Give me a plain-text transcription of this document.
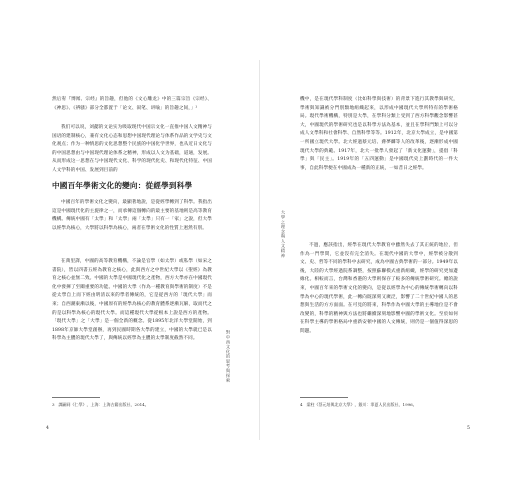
然后宥『博闻、宗经』的旨趣，但他的《文心雕龙》中的三篇宗旨《宗经》、《神思》、《辨骚》部分全都置于「论文、叙笔、讲喻」的旨趣之间，」¹
我们可以说，刘勰的文论实为吸取现代中国宗文化一直推中国人文精神与国语的建制核心，兼有文化心态和思想中国现代理论与体系作品的文学史与文化观点；作为一种情思的文化思想整个民族的中国化学世界，也从近日文化与的中国思想由与中国现代理论体系之精神，形成以人文为基础，道通，发展。从而形成这一思想在与中国现代文化、科学的现代化史、和现代化特征、中国人文学科的中国、发展到目前的
中國百年學術文化的變向：從經學到科學
中國百年的學術文化之變向，最顯著地說，是從經學轉到了科學。我指出這是中國現代化的主旋律之一，而承傳這個轉向的最主要的基地則是高等教育機構。傳統中國有「太學」和「太學」兩「太學」只有一「家」之說，但大學以經學為核心，大學將以科學為核心，兩者在學術文化的性質上迥然有別。
在萬里譯，中國的高等教育機構，不論是官學（如太學）或私學（如宋之書院），皆以四書五經為教育之核心，此與西方之中世紀大學以《聖經》為教育之核心並無二致。中國的大學是中國現代化之產物，西方大學亦在中國現代化中發揮了至關重要的功能。中國的大學（作為一種教育與學術的制度）不是從太學自上而下經由明清以來的學者傳統的，它是從西方的「現代大學」而來；自西潮東漸以後，中國原有的經學為核心的教育體系逐漸瓦解，取而代之的是以科學為核心的現代大學。而這種現代大學從根本上說是西方的產物。「現代大學」之「大學」是一個全新的概念。從1895年北洋大學堂開始，到1898年京師大學堂創辦，再到民國時期各大學的建立，中國的大學就已是以科學為主體的現代大學了，與傳統以經學為主體的太學制度截然不同。
3　譚嗣同《仁學》，上海：上海古籍出版社，2014。
對中西文化的思考與探索
4
大學之理念與人文精神
機中，是在現代學科制度（比如科學與技術）的背景下進行其教學與研究，學術與知識被分門別類地組織起來，以形成中國現代大學所特有的學術格局。現代學術機構，特別是大學，在學科分類上受到了西方科學觀念影響甚大，中國現代的學術研究也是以科學方法為基本，並且在學科門類上可以分成人文學科和社會科學、自然科學等等。1912年，北京大學成立，是中國第一所國立現代大學。北大經過蔡元培、蔣夢麟等人的改革後，逐漸形成中國現代大學的典範。1917年，北大一批學人發起了「新文化運動」，提倡「科學」與「民主」。1919年的「五四運動」是中國現代史上劃時代的一件大事，自此科學便在中國成為一種新的正統，一如昔日之經學。
不過，應該指出，經學在現代大學教育中雖然失去了其正統的地位，但作為一門學問，它並沒有完全消失。在現代中國的大學中，經學被分散到文、史、哲等不同的學科中去研究，成為中國古典學術的一部分。1949年以後，大陸的大學經過院系調整，按照蘇聯模式重新組織，經學的研究更加邊緣化。相較而言，台灣和香港的大學則保存了較多的傳統學術研究。總的說來，中國百年來的學術文化的變向，是從以經學為中心的傳統學術轉向以科學為中心的現代學術，此一轉向既深刻又廣泛，影響了二十世紀中國人的思想與生活的方方面面。在可見的將來，科學作為中國大學的主導地位是不會改變的，科學的精神與方法也將繼續深刻地影響中國的學術文化。至於如何在科學主導的學術格局中重新安頓中國的人文傳統，則仍是一個值得深思的問題。
4　梁柱《蔡元培與北京大學》，銀川：寧夏人民出版社，1996。
5
